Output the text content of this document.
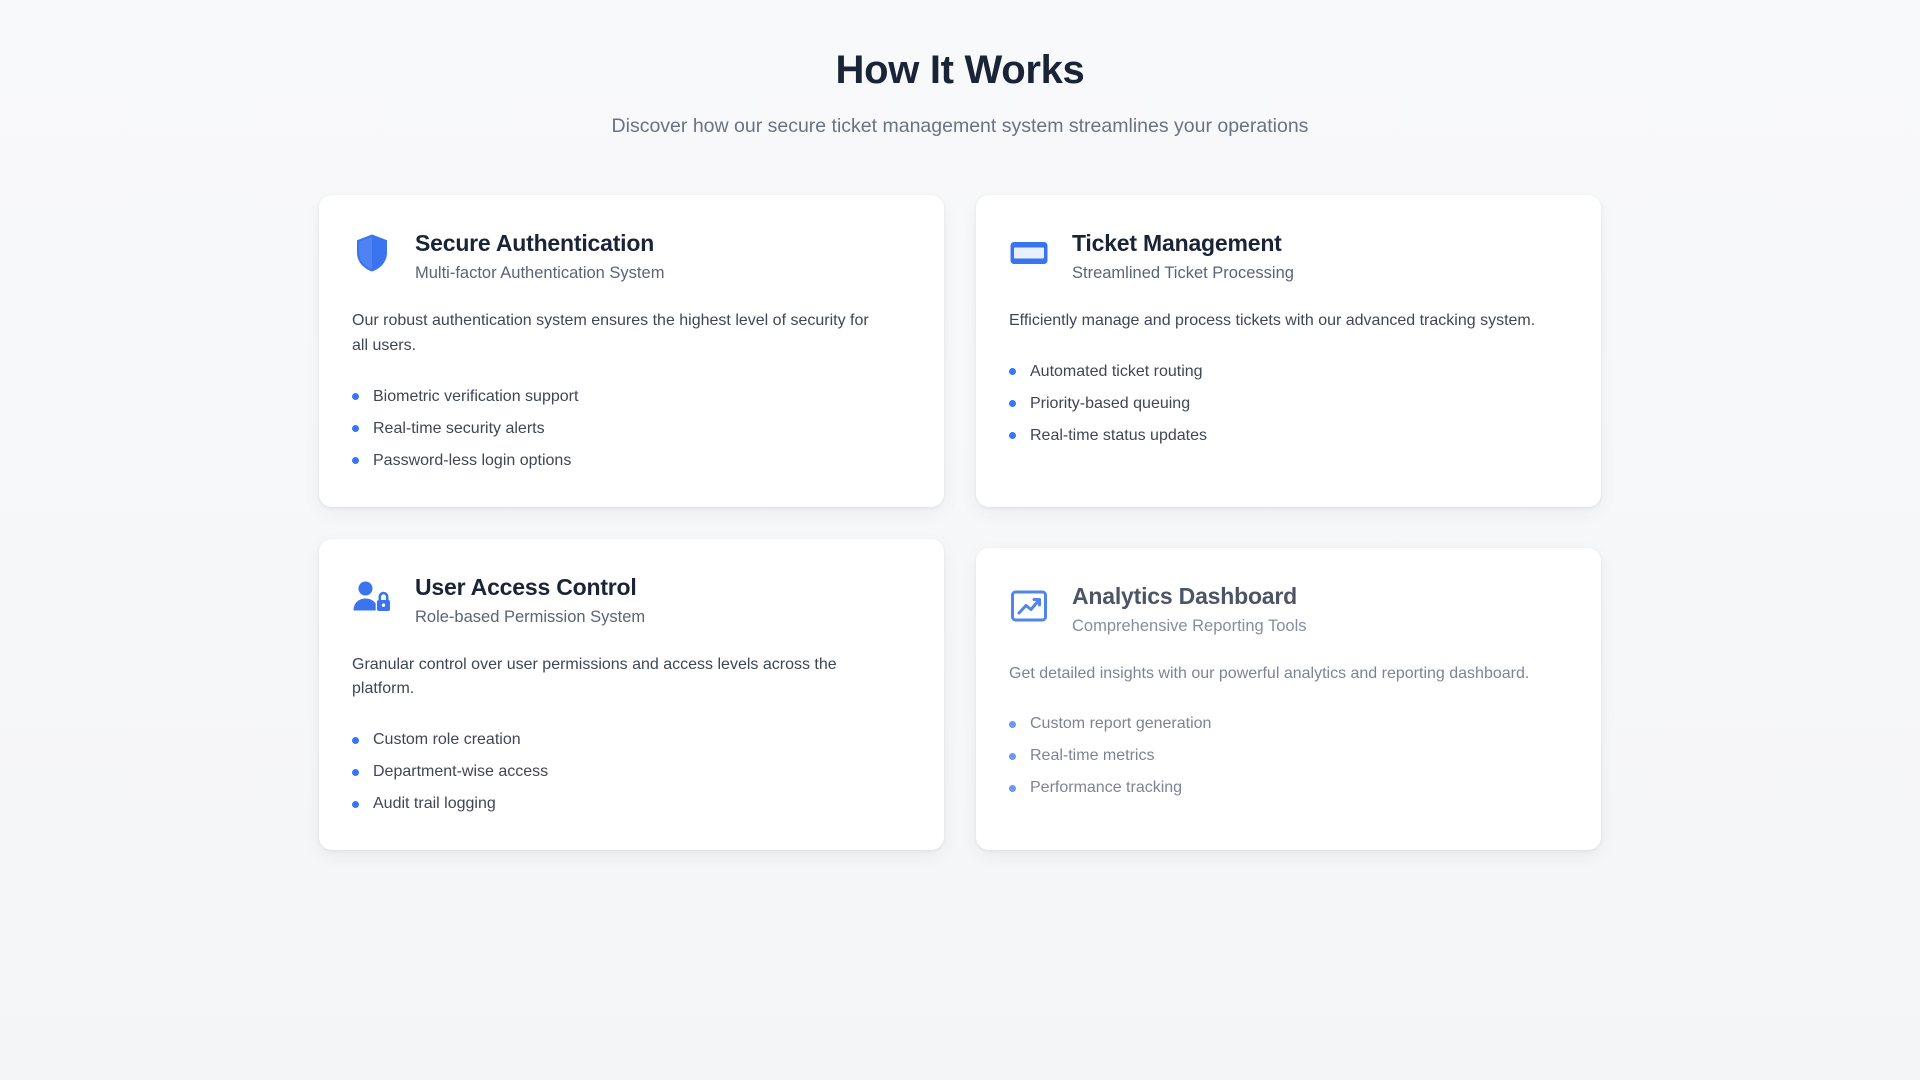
How It Works

Discover how our secure ticket management system streamlines your operations

Secure Authentication

Multi-factor Authentication System

Our robust authentication system ensures the highest level of security for all users.

Biometric verification support
Real-time security alerts
Password-less login options
Ticket Management

Streamlined Ticket Processing

Efficiently manage and process tickets with our advanced tracking system.

Automated ticket routing
Priority-based queuing
Real-time status updates
User Access Control

Role-based Permission System

Granular control over user permissions and access levels across the platform.

Custom role creation
Department-wise access
Audit trail logging
Analytics Dashboard

Comprehensive Reporting Tools

Get detailed insights with our powerful analytics and reporting dashboard.

Custom report generation
Real-time metrics
Performance tracking
